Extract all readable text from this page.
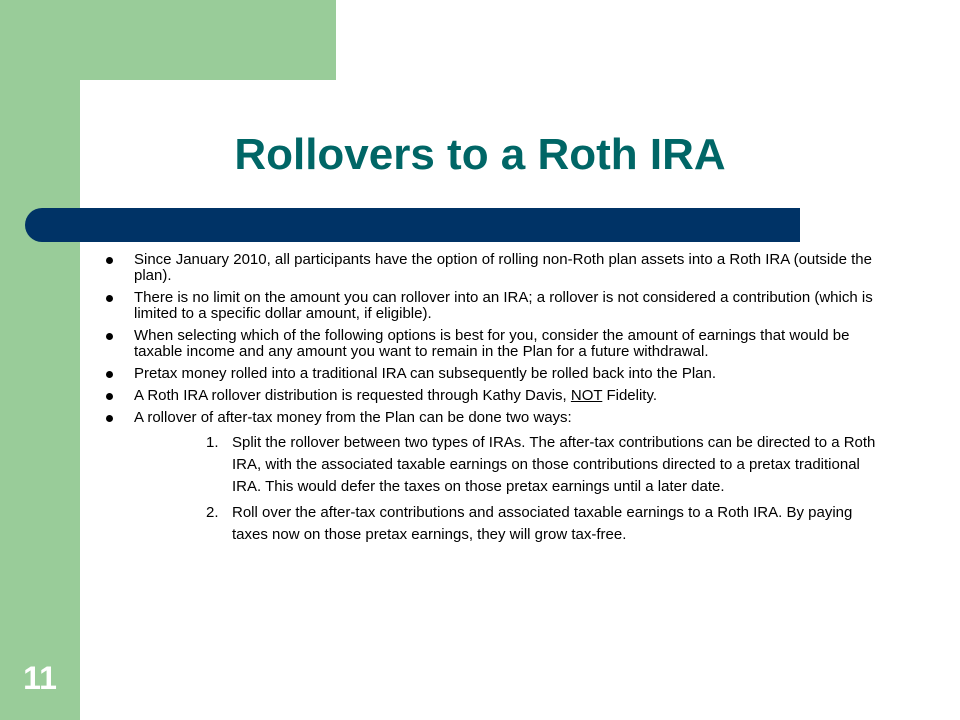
11
Rollovers to a Roth IRA
Since January 2010, all participants have the option of rolling non-Roth plan assets into a Roth IRA (outside the plan).
There is no limit on the amount you can rollover into an IRA; a rollover is not considered a contribution (which is limited to a specific dollar amount, if eligible).
When selecting which of the following options is best for you, consider the amount of earnings that would be taxable income and any amount you want to remain in the Plan for a future withdrawal.
Pretax money rolled into a traditional IRA can subsequently be rolled back into the Plan.
A Roth IRA rollover distribution is requested through Kathy Davis, NOT Fidelity.
A rollover of after-tax money from the Plan can be done two ways:
1. Split the rollover between two types of IRAs. The after-tax contributions can be directed to a Roth IRA, with the associated taxable earnings on those contributions directed to a pretax traditional IRA. This would defer the taxes on those pretax earnings until a later date.
2. Roll over the after-tax contributions and associated taxable earnings to a Roth IRA. By paying taxes now on those pretax earnings, they will grow tax-free.
